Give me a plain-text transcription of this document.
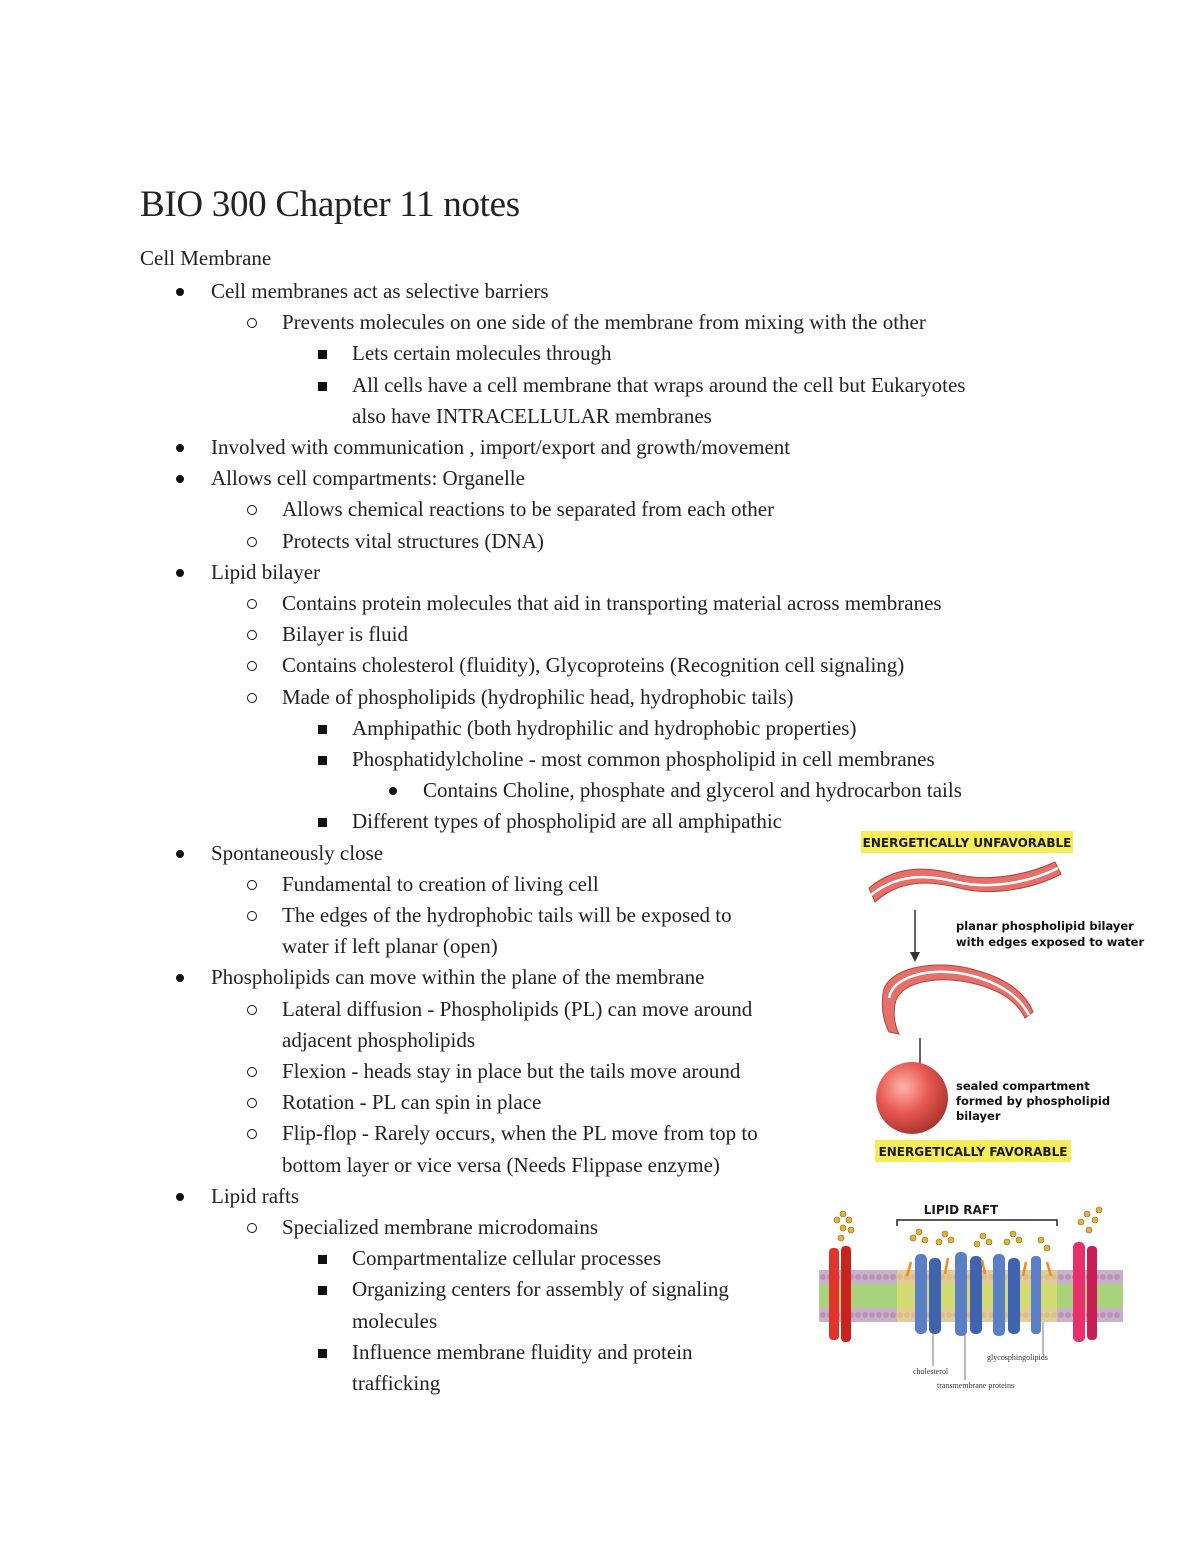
BIO 300 Chapter 11 notes
Cell Membrane
Cell membranes act as selective barriers
Prevents molecules on one side of the membrane from mixing with the other
Lets certain molecules through
All cells have a cell membrane that wraps around the cell but Eukaryotes
also have INTRACELLULAR membranes
Involved with communication , import/export and growth/movement
Allows cell compartments: Organelle
Allows chemical reactions to be separated from each other
Protects vital structures (DNA)
Lipid bilayer
Contains protein molecules that aid in transporting material across membranes
Bilayer is fluid
Contains cholesterol (fluidity), Glycoproteins (Recognition cell signaling)
Made of phospholipids (hydrophilic head, hydrophobic tails)
Amphipathic (both hydrophilic and hydrophobic properties)
Phosphatidylcholine - most common phospholipid in cell membranes
Contains Choline, phosphate and glycerol and hydrocarbon tails
Different types of phospholipid are all amphipathic
Spontaneously close
Fundamental to creation of living cell
The edges of the hydrophobic tails will be exposed to
water if left planar (open)
Phospholipids can move within the plane of the membrane
Lateral diffusion - Phospholipids (PL) can move around
adjacent phospholipids
Flexion - heads stay in place but the tails move around
Rotation - PL can spin in place
Flip-flop - Rarely occurs, when the PL move from top to
bottom layer or vice versa (Needs Flippase enzyme)
Lipid rafts
Specialized membrane microdomains
Compartmentalize cellular processes
Organizing centers for assembly of signaling
molecules
Influence membrane fluidity and protein
trafficking
ENERGETICALLY UNFAVORABLE
planar phospholipid bilayer
with edges exposed to water
sealed compartment
formed by phospholipid
bilayer
ENERGETICALLY FAVORABLE
LIPID RAFT
cholesterol
glycosphingolipids
transmembrane proteins
